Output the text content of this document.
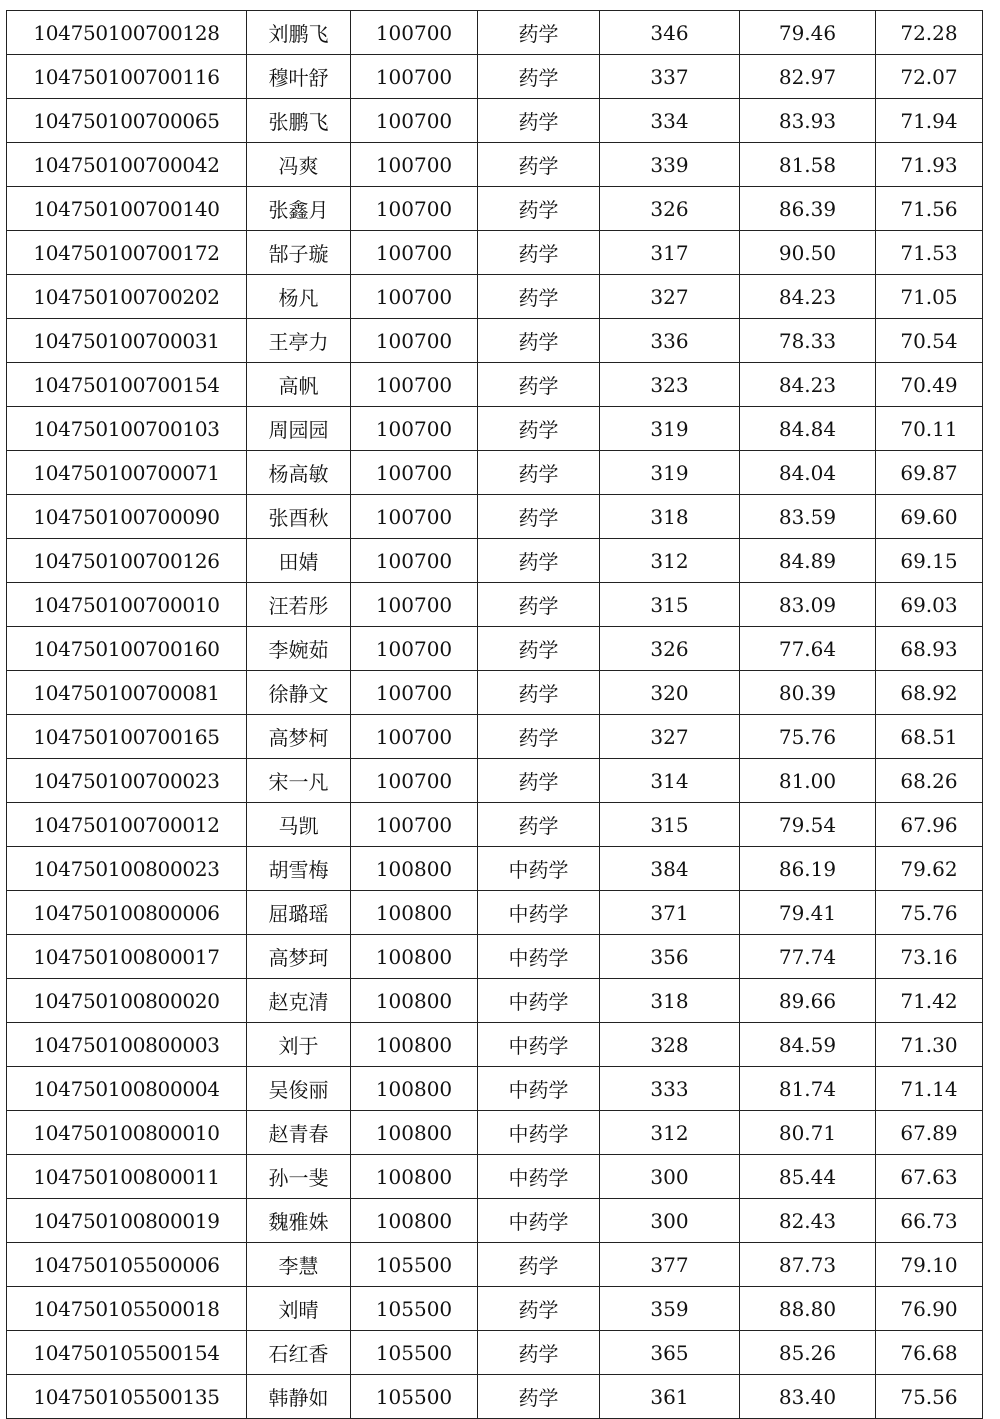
104750100700128	刘鹏飞	100700	药学	346	79.46	72.28
104750100700116	穆叶舒	100700	药学	337	82.97	72.07
104750100700065	张鹏飞	100700	药学	334	83.93	71.94
104750100700042	冯爽	100700	药学	339	81.58	71.93
104750100700140	张鑫月	100700	药学	326	86.39	71.56
104750100700172	郜子璇	100700	药学	317	90.50	71.53
104750100700202	杨凡	100700	药学	327	84.23	71.05
104750100700031	王亭力	100700	药学	336	78.33	70.54
104750100700154	高帆	100700	药学	323	84.23	70.49
104750100700103	周园园	100700	药学	319	84.84	70.11
104750100700071	杨高敏	100700	药学	319	84.04	69.87
104750100700090	张酉秋	100700	药学	318	83.59	69.60
104750100700126	田婧	100700	药学	312	84.89	69.15
104750100700010	汪若彤	100700	药学	315	83.09	69.03
104750100700160	李婉茹	100700	药学	326	77.64	68.93
104750100700081	徐静文	100700	药学	320	80.39	68.92
104750100700165	高梦柯	100700	药学	327	75.76	68.51
104750100700023	宋一凡	100700	药学	314	81.00	68.26
104750100700012	马凯	100700	药学	315	79.54	67.96
104750100800023	胡雪梅	100800	中药学	384	86.19	79.62
104750100800006	屈璐瑶	100800	中药学	371	79.41	75.76
104750100800017	高梦珂	100800	中药学	356	77.74	73.16
104750100800020	赵克清	100800	中药学	318	89.66	71.42
104750100800003	刘于	100800	中药学	328	84.59	71.30
104750100800004	吴俊丽	100800	中药学	333	81.74	71.14
104750100800010	赵青春	100800	中药学	312	80.71	67.89
104750100800011	孙一斐	100800	中药学	300	85.44	67.63
104750100800019	魏雅姝	100800	中药学	300	82.43	66.73
104750105500006	李慧	105500	药学	377	87.73	79.10
104750105500018	刘晴	105500	药学	359	88.80	76.90
104750105500154	石红香	105500	药学	365	85.26	76.68
104750105500135	韩静如	105500	药学	361	83.40	75.56
